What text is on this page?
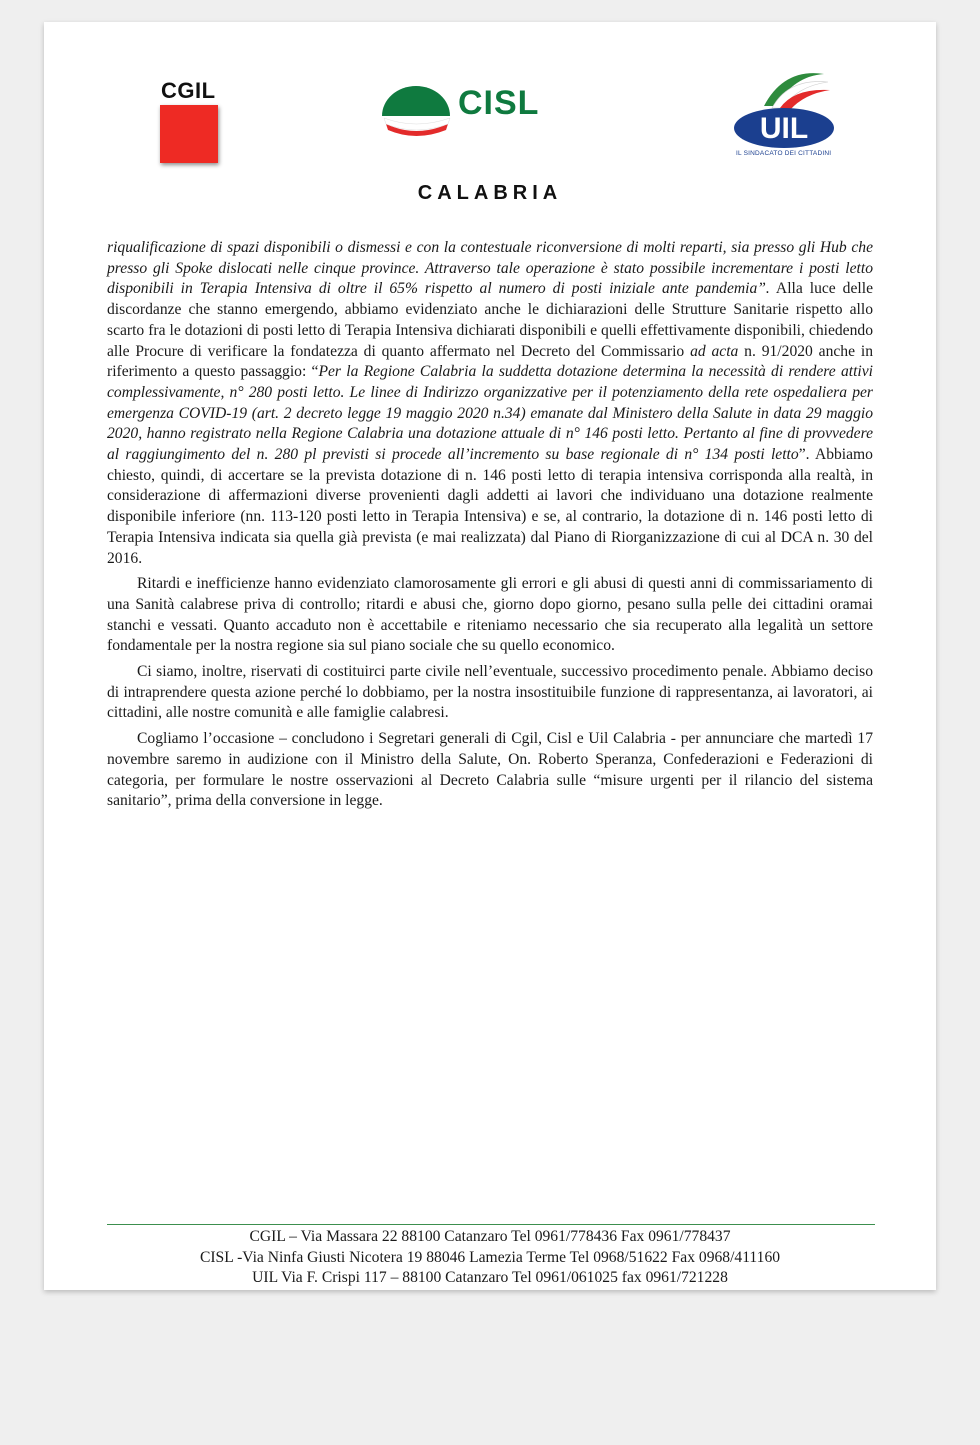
CGIL	CISL
UIL
IL SINDACATO DEI CITTADINI
CALABRIA

riqualificazione di spazi disponibili o dismessi e con la contestuale riconversione di molti reparti, sia presso gli Hub che presso gli Spoke dislocati nelle cinque province. Attraverso tale operazione è stato possibile incrementare i posti letto disponibili in Terapia Intensiva di oltre il 65% rispetto al numero di posti iniziale ante pandemia”. Alla luce delle discordanze che stanno emergendo, abbiamo evidenziato anche le dichiarazioni delle Strutture Sanitarie rispetto allo scarto fra le dotazioni di posti letto di Terapia Intensiva dichiarati disponibili e quelli effettivamente disponibili, chiedendo alle Procure di verificare la fondatezza di quanto affermato nel Decreto del Commissario ad acta n. 91/2020 anche in riferimento a questo passaggio: “Per la Regione Calabria la suddetta dotazione determina la necessità di rendere attivi complessivamente, n° 280 posti letto. Le linee di Indirizzo organizzative per il potenziamento della rete ospedaliera per emergenza COVID-19 (art. 2 decreto legge 19 maggio 2020 n.34) emanate dal Ministero della Salute in data 29 maggio 2020, hanno registrato nella Regione Calabria una dotazione attuale di n° 146 posti letto. Pertanto al fine di provvedere al raggiungimento del n. 280 pl previsti si procede all’incremento su base regionale di n° 134 posti letto”. Abbiamo chiesto, quindi, di accertare se la prevista dotazione di n. 146 posti letto di terapia intensiva corrisponda alla realtà, in considerazione di affermazioni diverse provenienti dagli addetti ai lavori che individuano una dotazione realmente disponibile inferiore (nn. 113-120 posti letto in Terapia Intensiva) e se, al contrario, la dotazione di n. 146 posti letto di Terapia Intensiva indicata sia quella già prevista (e mai realizzata) dal Piano di Riorganizzazione di cui al DCA n. 30 del 2016.

Ritardi e inefficienze hanno evidenziato clamorosamente gli errori e gli abusi di questi anni di commissariamento di una Sanità calabrese priva di controllo; ritardi e abusi che, giorno dopo giorno, pesano sulla pelle dei cittadini oramai stanchi e vessati. Quanto accaduto non è accettabile e riteniamo necessario che sia recuperato alla legalità un settore fondamentale per la nostra regione sia sul piano sociale che su quello economico.

Ci siamo, inoltre, riservati di costituirci parte civile nell’eventuale, successivo procedimento penale. Abbiamo deciso di intraprendere questa azione perché lo dobbiamo, per la nostra insostituibile funzione di rappresentanza, ai lavoratori, ai cittadini, alle nostre comunità e alle famiglie calabresi.

Cogliamo l’occasione – concludono i Segretari generali di Cgil, Cisl e Uil Calabria - per annunciare che martedì 17 novembre saremo in audizione con il Ministro della Salute, On. Roberto Speranza, Confederazioni e Federazioni di categoria, per formulare le nostre osservazioni al Decreto Calabria sulle “misure urgenti per il rilancio del sistema sanitario”, prima della conversione in legge.

CGIL – Via Massara 22 88100 Catanzaro Tel 0961/778436 Fax 0961/778437
CISL -Via Ninfa Giusti Nicotera 19 88046 Lamezia Terme Tel 0968/51622 Fax 0968/411160
UIL Via F. Crispi 117 – 88100 Catanzaro Tel 0961/061025 fax 0961/721228
